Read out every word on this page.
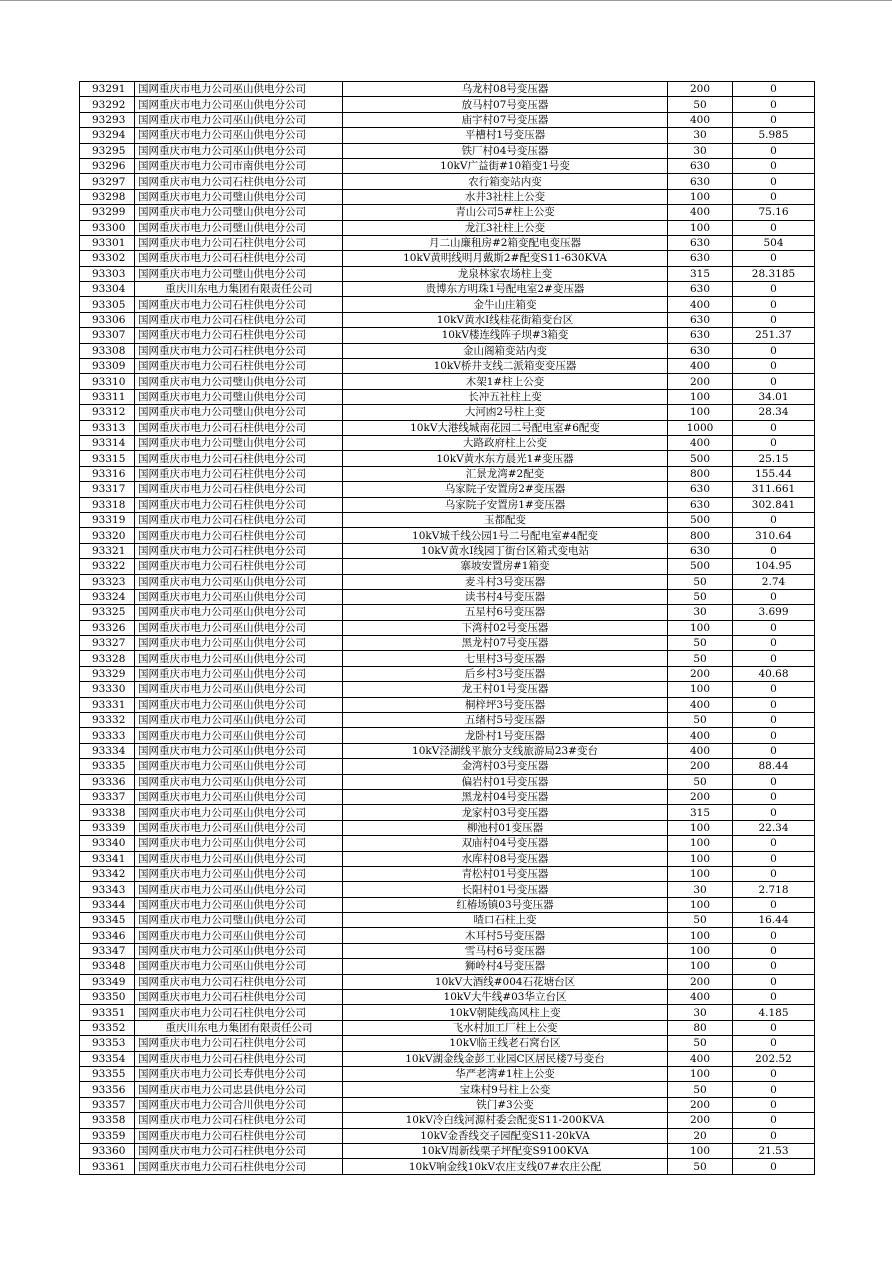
93291	国网重庆市电力公司巫山供电分公司	乌龙村08号变压器	200	0
93292	国网重庆市电力公司巫山供电分公司	放马村07号变压器	50	0
93293	国网重庆市电力公司巫山供电分公司	庙宇村07号变压器	400	0
93294	国网重庆市电力公司巫山供电分公司	平槽村1号变压器	30	5.985
93295	国网重庆市电力公司巫山供电分公司	铁厂村04号变压器	30	0
93296	国网重庆市电力公司市南供电分公司	10kV广益街#10箱变1号变	630	0
93297	国网重庆市电力公司石柱供电分公司	农行箱变站内变	630	0
93298	国网重庆市电力公司璧山供电分公司	水井3社柱上公变	100	0
93299	国网重庆市电力公司璧山供电分公司	青山公司5#柱上公变	400	75.16
93300	国网重庆市电力公司璧山供电分公司	龙江3社柱上公变	100	0
93301	国网重庆市电力公司石柱供电分公司	月二山廉租房#2箱变配电变压器	630	504
93302	国网重庆市电力公司石柱供电分公司	10kV黄明线明月戴斯2#配变S11-630KVA	630	0
93303	国网重庆市电力公司璧山供电分公司	龙泉林家农场柱上变	315	28.3185
93304	重庆川东电力集团有限责任公司	贵博东方明珠1号配电室2#变压器	630	0
93305	国网重庆市电力公司石柱供电分公司	金牛山庄箱变	400	0
93306	国网重庆市电力公司石柱供电分公司	10kV黄水Ⅰ线桂花街箱变台区	630	0
93307	国网重庆市电力公司石柱供电分公司	10kV楼连线阵子坝#3箱变	630	251.37
93308	国网重庆市电力公司石柱供电分公司	金山阁箱变站内变	630	0
93309	国网重庆市电力公司石柱供电分公司	10kV桥井支线二派箱变变压器	400	0
93310	国网重庆市电力公司璧山供电分公司	木架1#柱上公变	200	0
93311	国网重庆市电力公司璧山供电分公司	长冲五社柱上变	100	34.01
93312	国网重庆市电力公司璧山供电分公司	大河凼2号柱上变	100	28.34
93313	国网重庆市电力公司石柱供电分公司	10kV大港线城南花园二号配电室#6配变	1000	0
93314	国网重庆市电力公司璧山供电分公司	大路政府柱上公变	400	0
93315	国网重庆市电力公司石柱供电分公司	10kV黄水东方晨光1#变压器	500	25.15
93316	国网重庆市电力公司石柱供电分公司	汇景龙湾#2配变	800	155.44
93317	国网重庆市电力公司石柱供电分公司	乌家院子安置房2#变压器	630	311.661
93318	国网重庆市电力公司石柱供电分公司	乌家院子安置房1#变压器	630	302.841
93319	国网重庆市电力公司石柱供电分公司	玉都配变	500	0
93320	国网重庆市电力公司石柱供电分公司	10kV城千线公园1号二号配电室#4配变	800	310.64
93321	国网重庆市电力公司石柱供电分公司	10kV黄水Ⅰ线园丁街台区箱式变电站	630	0
93322	国网重庆市电力公司石柱供电分公司	寨坡安置房#1箱变	500	104.95
93323	国网重庆市电力公司巫山供电分公司	麦斗村3号变压器	50	2.74
93324	国网重庆市电力公司巫山供电分公司	读书村4号变压器	50	0
93325	国网重庆市电力公司巫山供电分公司	五星村6号变压器	30	3.699
93326	国网重庆市电力公司巫山供电分公司	下湾村02号变压器	100	0
93327	国网重庆市电力公司巫山供电分公司	黑龙村07号变压器	50	0
93328	国网重庆市电力公司巫山供电分公司	七里村3号变压器	50	0
93329	国网重庆市电力公司巫山供电分公司	后乡村3号变压器	200	40.68
93330	国网重庆市电力公司巫山供电分公司	龙王村01号变压器	100	0
93331	国网重庆市电力公司巫山供电分公司	桐梓坪3号变压器	400	0
93332	国网重庆市电力公司巫山供电分公司	五绪村5号变压器	50	0
93333	国网重庆市电力公司巫山供电分公司	龙卧村1号变压器	400	0
93334	国网重庆市电力公司巫山供电分公司	10kV泾湖线平旅分支线旅游局23#变台	400	0
93335	国网重庆市电力公司巫山供电分公司	金湾村03号变压器	200	88.44
93336	国网重庆市电力公司巫山供电分公司	偏岩村01号变压器	50	0
93337	国网重庆市电力公司巫山供电分公司	黑龙村04号变压器	200	0
93338	国网重庆市电力公司巫山供电分公司	龙家村03号变压器	315	0
93339	国网重庆市电力公司巫山供电分公司	柳池村01变压器	100	22.34
93340	国网重庆市电力公司巫山供电分公司	双庙村04号变压器	100	0
93341	国网重庆市电力公司巫山供电分公司	水库村08号变压器	100	0
93342	国网重庆市电力公司巫山供电分公司	青松村01号变压器	100	0
93343	国网重庆市电力公司巫山供电分公司	长阳村01号变压器	30	2.718
93344	国网重庆市电力公司巫山供电分公司	红椿场镇03号变压器	100	0
93345	国网重庆市电力公司璧山供电分公司	喳口石柱上变	50	16.44
93346	国网重庆市电力公司巫山供电分公司	木耳村5号变压器	100	0
93347	国网重庆市电力公司巫山供电分公司	雪马村6号变压器	100	0
93348	国网重庆市电力公司巫山供电分公司	狮岭村4号变压器	100	0
93349	国网重庆市电力公司石柱供电分公司	10kV大酒线#004石花塘台区	200	0
93350	国网重庆市电力公司石柱供电分公司	10kV大牛线#03华立台区	400	0
93351	国网重庆市电力公司石柱供电分公司	10kV朝陡线高风柱上变	30	4.185
93352	重庆川东电力集团有限责任公司	飞水村加工厂柱上公变	80	0
93353	国网重庆市电力公司石柱供电分公司	10kV临王线老石窝台区	50	0
93354	国网重庆市电力公司石柱供电分公司	10kV湖金线金彭工业园C区居民楼7号变台	400	202.52
93355	国网重庆市电力公司长寿供电分公司	华严老湾#1柱上公变	100	0
93356	国网重庆市电力公司忠县供电分公司	宝珠村9号柱上公变	50	0
93357	国网重庆市电力公司合川供电分公司	铁门#3公变	200	0
93358	国网重庆市电力公司石柱供电分公司	10kV冷白线河源村委会配变S11-200KVA	200	0
93359	国网重庆市电力公司石柱供电分公司	10kV金香线交子园配变S11-20kVA	20	0
93360	国网重庆市电力公司石柱供电分公司	10kV周新线栗子坪配变S9100KVA	100	21.53
93361	国网重庆市电力公司石柱供电分公司	10kV响金线10kV农庄支线07#农庄公配	50	0
